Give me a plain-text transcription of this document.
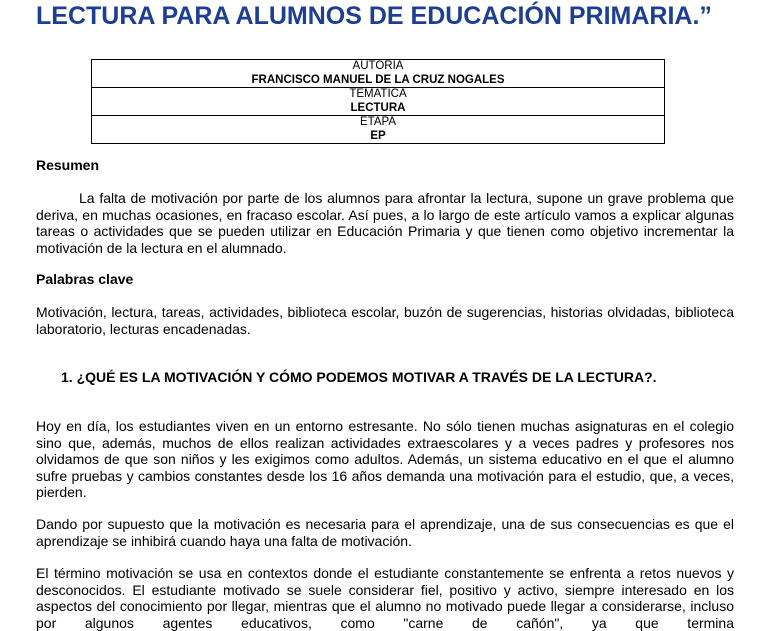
LECTURA PARA ALUMNOS DE EDUCACIÓN PRIMARIA.”
AUTORIA
FRANCISCO MANUEL DE LA CRUZ NOGALES

TEMATICA
LECTURA

ETAPA
EP
Resumen
La falta de motivación por parte de los alumnos para afrontar la lectura, supone un grave problema que deriva, en muchas ocasiones, en fracaso escolar. Así pues, a lo largo de este artículo vamos a explicar algunas tareas o actividades que se pueden utilizar en Educación Primaria y que tienen como objetivo incrementar la motivación de la lectura en el alumnado.
Palabras clave
Motivación, lectura, tareas, actividades, biblioteca escolar, buzón de sugerencias, historias olvidadas, biblioteca laboratorio, lecturas encadenadas.
1. ¿QUÉ ES LA MOTIVACIÓN Y CÓMO PODEMOS MOTIVAR A TRAVÉS DE LA LECTURA?.
Hoy en día, los estudiantes viven en un entorno estresante. No sólo tienen muchas asignaturas en el colegio sino que, además, muchos de ellos realizan actividades extraescolares y a veces padres y profesores nos olvidamos de que son niños y les exigimos como adultos. Además, un sistema educativo en el que el alumno sufre pruebas y cambios constantes desde los 16 años demanda una motivación para el estudio, que, a veces, pierden.
Dando por supuesto que la motivación es necesaria para el aprendizaje, una de sus consecuencias es que el aprendizaje se inhibirá cuando haya una falta de motivación.
El término motivación se usa en contextos donde el estudiante constantemente se enfrenta a retos nuevos y desconocidos. El estudiante motivado se suele considerar fiel, positivo y activo, siempre interesado en los aspectos del conocimiento por llegar, mientras que el alumno no motivado puede llegar a considerarse, incluso por algunos agentes educativos, como "carne de cañón", ya que termina
